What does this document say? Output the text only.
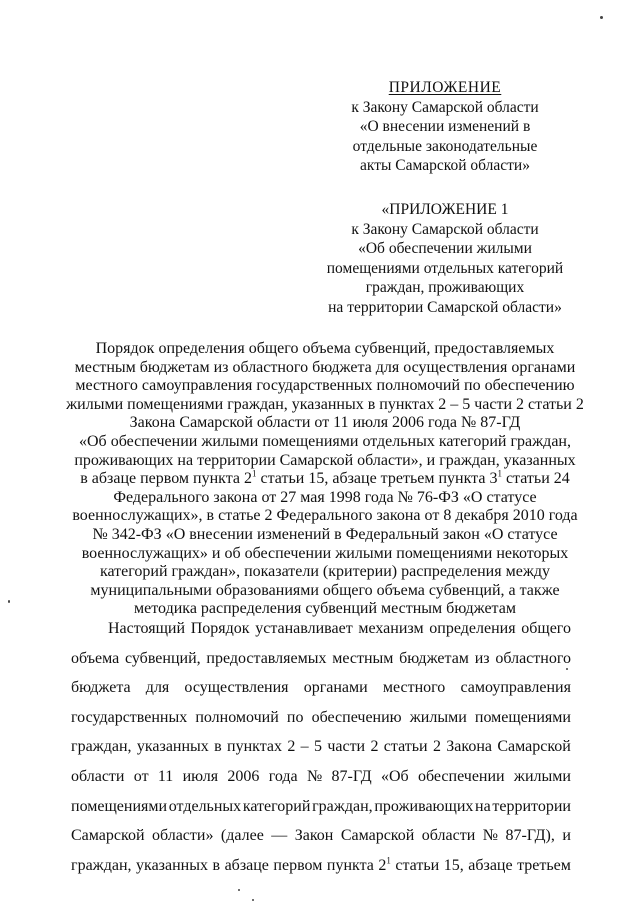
ПРИЛОЖЕНИЕ
к Закону Самарской области
«О внесении изменений в
отдельные законодательные
акты Самарской области»
«ПРИЛОЖЕНИЕ 1
к Закону Самарской области
«Об обеспечении жилыми
помещениями отдельных категорий
граждан, проживающих
на территории Самарской области»
Порядок определения общего объема субвенций, предоставляемых
местным бюджетам из областного бюджета для осуществления органами
местного самоуправления государственных полномочий по обеспечению
жилыми помещениями граждан, указанных в пунктах 2 – 5 части 2 статьи 2
Закона Самарской области от 11 июля 2006 года № 87-ГД
«Об обеспечении жилыми помещениями отдельных категорий граждан,
проживающих на территории Самарской области», и граждан, указанных
в абзаце первом пункта $2^1$ статьи 15, абзаце третьем пункта $3^1$ статьи 24
Федерального закона от 27 мая 1998 года № 76-ФЗ «О статусе
военнослужащих», в статье 2 Федерального закона от 8 декабря 2010 года
№ 342-ФЗ «О внесении изменений в Федеральный закон «О статусе
военнослужащих» и об обеспечении жилыми помещениями некоторых
категорий граждан», показатели (критерии) распределения между
муниципальными образованиями общего объема субвенций, а также
методика распределения субвенций местным бюджетам
Настоящий Порядок устанавливает механизм определения общего
объема субвенций, предоставляемых местным бюджетам из областного
бюджета для осуществления органами местного самоуправления
государственных полномочий по обеспечению жилыми помещениями
граждан, указанных в пунктах 2 – 5 части 2 статьи 2 Закона Самарской
области от 11 июля 2006 года № 87-ГД «Об обеспечении жилыми
помещениями отдельных категорий граждан, проживающих на территории
Самарской области» (далее — Закон Самарской области № 87-ГД), и
граждан, указанных в абзаце первом пункта $2^1$ статьи 15, абзаце третьем
